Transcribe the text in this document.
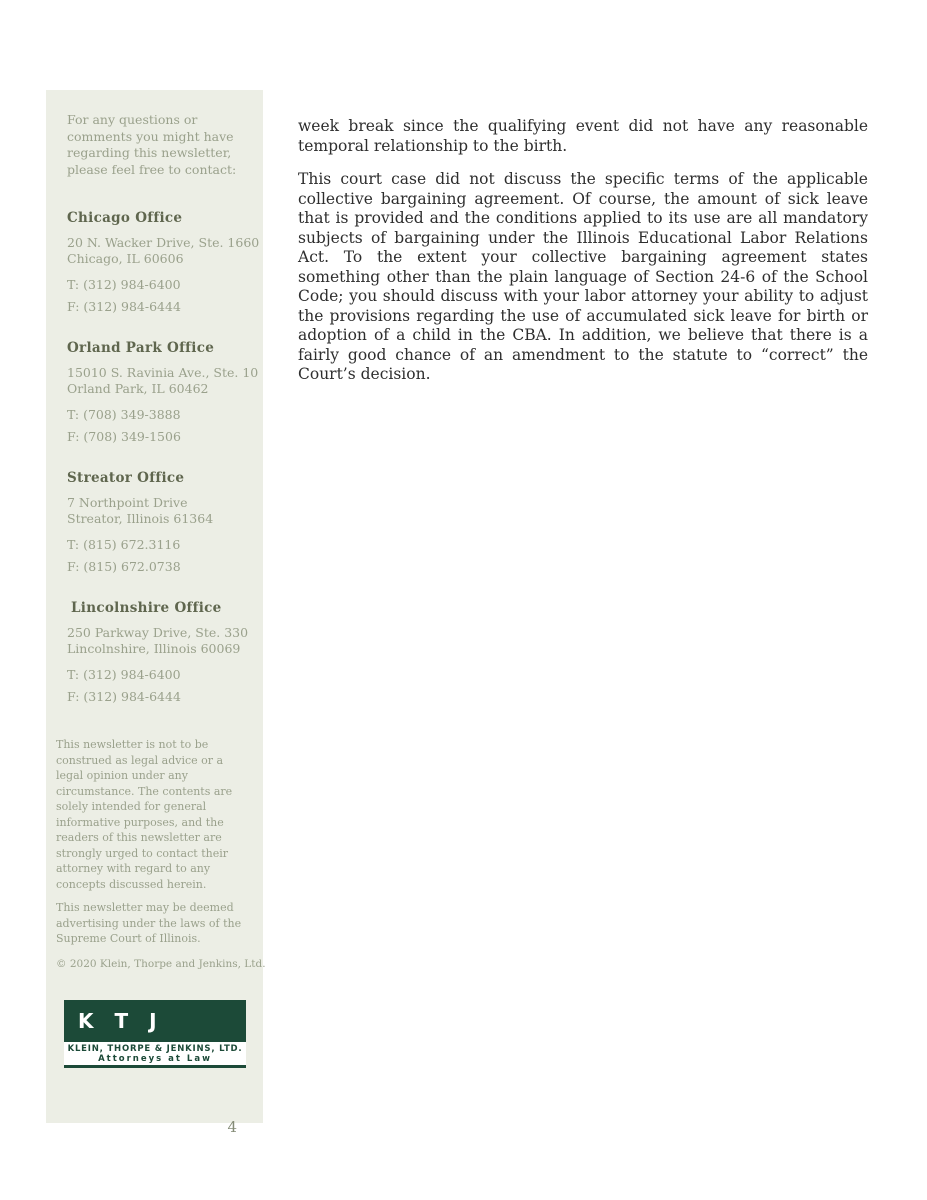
For any questions or comments you might have regarding this newsletter, please feel free to contact:

Chicago Office
20 N. Wacker Drive, Ste. 1660
Chicago, IL 60606

T: (312) 984-6400

F: (312) 984-6444

Orland Park Office
15010 S. Ravinia Ave., Ste. 10
Orland Park, IL 60462

T: (708) 349-3888

F: (708) 349-1506

Streator Office
7 Northpoint Drive
Streator, Illinois 61364

T: (815) 672.3116

F: (815) 672.0738

Lincolnshire Office
250 Parkway Drive, Ste. 330
Lincolnshire, Illinois 60069

T: (312) 984-6400

F: (312) 984-6444

This newsletter is not to be construed as legal advice or a legal opinion under any circumstance. The contents are solely intended for general informative purposes, and the readers of this newsletter are strongly urged to contact their attorney with regard to any concepts discussed herein.

This newsletter may be deemed advertising under the laws of the Supreme Court of Illinois.

© 2020 Klein, Thorpe and Jenkins, Ltd.

K T J
KLEIN, THORPE & JENKINS, LTD.
Attorneys at Law
4

week break since the qualifying event did not have any reasonable temporal relationship to the birth.

This court case did not discuss the specific terms of the applicable collective bargaining agreement. Of course, the amount of sick leave that is provided and the conditions applied to its use are all mandatory subjects of bargaining under the Illinois Educational Labor Relations Act. To the extent your collective bargaining agreement states something other than the plain language of Section 24-6 of the School Code; you should discuss with your labor attorney your ability to adjust the provisions regarding the use of accumulated sick leave for birth or adoption of a child in the CBA. In addition, we believe that there is a fairly good chance of an amendment to the statute to “correct” the Court’s decision.
